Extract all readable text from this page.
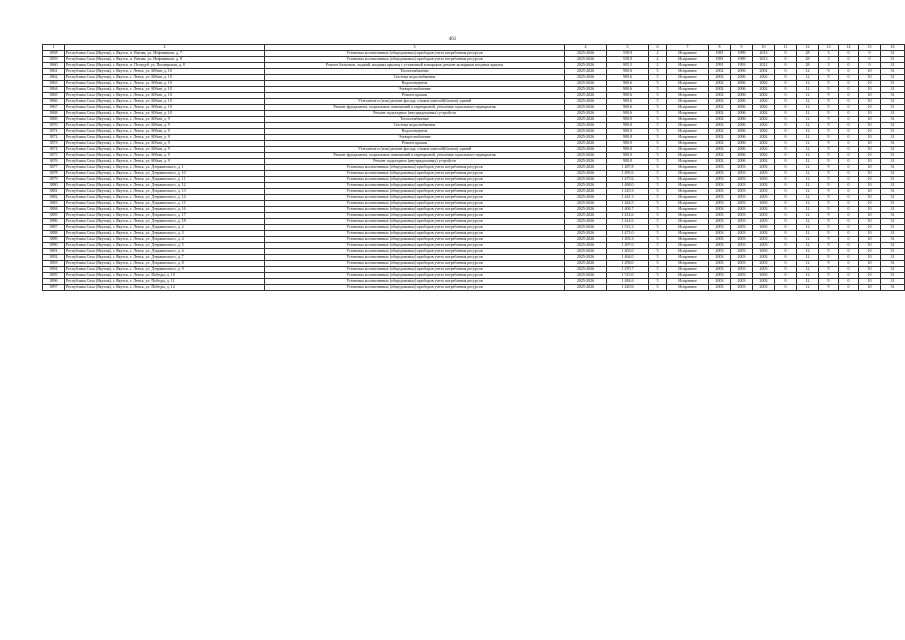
461
1	2	3	4	5	6	7	8	9	10	11	12	13	14	15	16
3858	Республика Саха (Якутия), г. Якутск, п. Витим, ул. Нефтяников, д. 7	Установка коллективных (общедомовых) приборов учета потребления ресурсов	2025-2026	558.9	2	Исправное	1981	1989	2013	0	28	3	0	0	31
3859	Республика Саха (Якутия), г. Якутск, п. Витим, ул. Нефтяников, д. 8	Установка коллективных (общедомовых) приборов учета потребления ресурсов	2025-2026	558.9	2	Исправное	1981	1989	2013	0	28	3	0	0	31
3860	Республика Саха (Якутия), г. Якутск, п. Пеледуй, ул. Пионерская, д. 8	Ремонт балконов, лоджий, входных крылец с установкой козырьков, ремонт козырьков входных крылец	2025-2026	905.5	2	Исправное	1991	1993	2012	0	28	3	0	0	31
3861	Республика Саха (Якутия), г. Якутск, г. Ленск, ул. Юбин, д. 10	Теплоснабжение	2025-2026	900.6	5	Исправное	2002	2006	2002	0	12	9	0	10	31
3862	Республика Саха (Якутия), г. Якутск, г. Ленск, ул. Юбин, д. 10	Система водоснабжения	2025-2026	900.6	5	Исправное	2002	2006	2002	0	12	9	0	10	31
3863	Республика Саха (Якутия), г. Якутск, г. Ленск, ул. Юбин, д. 10	Водоотведение	2025-2026	900.6	5	Исправное	2002	2006	2002	0	12	9	0	10	31
3864	Республика Саха (Якутия), г. Якутск, г. Ленск, ул. Юбин, д. 10	Электроснабжение	2025-2026	900.6	5	Исправное	2002	2006	2002	0	12	9	0	10	31
3865	Республика Саха (Якутия), г. Якутск, г. Ленск, ул. Юбин, д. 10	Ремонт крыши	2025-2026	900.6	5	Исправное	2002	2006	2002	0	12	9	0	10	31
3866	Республика Саха (Якутия), г. Якутск, г. Ленск, ул. Юбин, д. 10	Утепление и (или) ремонт фасада, стыков панелей(блоков) зданий	2025-2026	900.6	5	Исправное	2002	2006	2002	0	12	9	0	10	31
3867	Республика Саха (Якутия), г. Якутск, г. Ленск, ул. Юбин, д. 10	Ремонт фундамента, подвальных помещений и перекрытий, утепление цокольного перекрытия	2025-2026	900.6	5	Исправное	2002	2006	2002	0	12	9	0	10	31
3868	Республика Саха (Якутия), г. Якутск, г. Ленск, ул. Юбин, д. 10	Ремонт подъездных (внутридомовых) устройств	2025-2026	900.6	5	Исправное	2002	2006	2002	0	12	9	0	10	31
3869	Республика Саха (Якутия), г. Якутск, г. Ленск, ул. Юбин, д. 9	Теплоснабжение	2025-2026	900.0	5	Исправное	2002	2006	2002	0	12	9	0	10	31
3870	Республика Саха (Якутия), г. Якутск, г. Ленск, ул. Юбин, д. 9	Система водоснабжения	2025-2026	900.0	5	Исправное	2002	2006	2002	0	12	9	0	10	31
3871	Республика Саха (Якутия), г. Якутск, г. Ленск, ул. Юбин, д. 9	Водоотведение	2025-2026	900.0	5	Исправное	2002	2006	2002	0	12	9	0	10	31
3872	Республика Саха (Якутия), г. Якутск, г. Ленск, ул. Юбин, д. 9	Электроснабжение	2025-2026	900.0	5	Исправное	2002	2006	2002	0	12	9	0	10	31
3873	Республика Саха (Якутия), г. Якутск, г. Ленск, ул. Юбин, д. 9	Ремонт крыши	2025-2026	900.0	5	Исправное	2002	2006	2002	0	12	9	0	10	31
3874	Республика Саха (Якутия), г. Якутск, г. Ленск, ул. Юбин, д. 9	Утепление и (или) ремонт фасада, стыков панелей(блоков) зданий	2025-2026	900.0	5	Исправное	2002	2006	2002	0	12	9	0	10	31
3875	Республика Саха (Якутия), г. Якутск, г. Ленск, ул. Юбин, д. 9	Ремонт фундамента, подвальных помещений и перекрытий, утепление цокольного перекрытия	2025-2026	900.0	5	Исправное	2002	2006	2002	0	12	9	0	10	31
3876	Республика Саха (Якутия), г. Якутск, г. Ленск, ул. Юбин, д. 9	Ремонт подъездных (внутридомовых) устройств	2025-2026	900.0	5	Исправное	2002	2006	2002	0	12	9	0	10	31
3877	Республика Саха (Якутия), г. Якутск, г. Ленск, ул. Дзержинского, д. 1	Установка коллективных (общедомовых) приборов учета потребления ресурсов	2025-2026	1 487.8	5	Исправное	2003	2003	2003	0	12	9	0	10	31
3878	Республика Саха (Якутия), г. Якутск, г. Ленск, ул. Дзержинского, д. 10	Установка коллективных (общедомовых) приборов учета потребления ресурсов	2025-2026	1 495.6	5	Исправное	2003	2003	2003	0	12	9	0	10	31
3879	Республика Саха (Якутия), г. Якутск, г. Ленск, ул. Дзержинского, д. 11	Установка коллективных (общедомовых) приборов учета потребления ресурсов	2025-2026	1 475.6	5	Исправное	2003	2003	2003	0	12	9	0	10	31
3880	Республика Саха (Якутия), г. Якутск, г. Ленск, ул. Дзержинского, д. 12	Установка коллективных (общедомовых) приборов учета потребления ресурсов	2025-2026	1 468.0	5	Исправное	2003	2003	2003	0	12	9	0	10	31
3881	Республика Саха (Якутия), г. Якутск, г. Ленск, ул. Дзержинского, д. 13	Установка коллективных (общедомовых) приборов учета потребления ресурсов	2025-2026	1 410.3	5	Исправное	2003	2003	2003	0	12	9	0	10	31
3882	Республика Саха (Якутия), г. Якутск, г. Ленск, ул. Дзержинского, д. 14	Установка коллективных (общедомовых) приборов учета потребления ресурсов	2025-2026	1 441.3	5	Исправное	2003	2003	2003	0	12	9	0	10	31
3883	Республика Саха (Якутия), г. Якутск, г. Ленск, ул. Дзержинского, д. 15	Установка коллективных (общедомовых) приборов учета потребления ресурсов	2025-2026	1 444.5	5	Исправное	2003	2003	2003	0	12	9	0	10	31
3884	Республика Саха (Якутия), г. Якутск, г. Ленск, ул. Дзержинского, д. 16	Установка коллективных (общедомовых) приборов учета потребления ресурсов	2025-2026	1 406.7	5	Исправное	2003	2003	2003	0	12	9	0	10	31
3885	Республика Саха (Якутия), г. Якутск, г. Ленск, ул. Дзержинского, д. 17	Установка коллективных (общедомовых) приборов учета потребления ресурсов	2025-2026	1 414.6	5	Исправное	2003	2003	2003	0	12	9	0	10	31
3886	Республика Саха (Якутия), г. Якутск, г. Ленск, ул. Дзержинского, д. 18	Установка коллективных (общедомовых) приборов учета потребления ресурсов	2025-2026	1 414.6	5	Исправное	2003	2003	2003	0	12	9	0	10	31
3887	Республика Саха (Якутия), г. Якутск, г. Ленск, ул. Дзержинского, д. 2	Установка коллективных (общедомовых) приборов учета потребления ресурсов	2025-2026	1 513.3	5	Исправное	2003	2003	2003	0	12	9	0	10	31
3888	Республика Саха (Якутия), г. Якутск, г. Ленск, ул. Дзержинского, д. 3	Установка коллективных (общедомовых) приборов учета потребления ресурсов	2025-2026	1 471.0	5	Исправное	2003	2003	2003	0	12	9	0	10	31
3889	Республика Саха (Якутия), г. Якутск, г. Ленск, ул. Дзержинского, д. 4	Установка коллективных (общедомовых) приборов учета потребления ресурсов	2025-2026	1 493.3	5	Исправное	2003	2003	2003	0	12	9	0	10	31
3890	Республика Саха (Якутия), г. Якутск, г. Ленск, ул. Дзержинского, д. 5	Установка коллективных (общедомовых) приборов учета потребления ресурсов	2025-2026	1 497.0	5	Исправное	2003	2003	2003	0	12	9	0	10	31
3891	Республика Саха (Якутия), г. Якутск, г. Ленск, ул. Дзержинского, д. 6	Установка коллективных (общедомовых) приборов учета потребления ресурсов	2025-2026	1 403.0	5	Исправное	2003	2003	2003	0	12	9	0	10	31
3892	Республика Саха (Якутия), г. Якутск, г. Ленск, ул. Дзержинского, д. 7	Установка коллективных (общедомовых) приборов учета потребления ресурсов	2025-2026	1 464.0	5	Исправное	2003	2003	2003	0	12	9	0	10	31
3893	Республика Саха (Якутия), г. Якутск, г. Ленск, ул. Дзержинского, д. 8	Установка коллективных (общедомовых) приборов учета потребления ресурсов	2025-2026	1 458.0	5	Исправное	2003	2003	2003	0	12	9	0	10	31
3894	Республика Саха (Якутия), г. Якутск, г. Ленск, ул. Дзержинского, д. 9	Установка коллективных (общедомовых) приборов учета потребления ресурсов	2025-2026	1 470.7	5	Исправное	2003	2003	2003	0	12	9	0	10	31
3895	Республика Саха (Якутия), г. Якутск, г. Ленск, ул. Победы, д. 10	Установка коллективных (общедомовых) приборов учета потребления ресурсов	2025-2026	1 515.0	5	Исправное	2003	2003	2003	0	12	9	0	10	31
3896	Республика Саха (Якутия), г. Якутск, г. Ленск, ул. Победы, д. 11	Установка коллективных (общедомовых) приборов учета потребления ресурсов	2025-2026	1 484.6	5	Исправное	2003	2003	2003	0	12	9	0	10	31
3897	Республика Саха (Якутия), г. Якутск, г. Ленск, ул. Победы, д. 12	Установка коллективных (общедомовых) приборов учета потребления ресурсов	2025-2026	1 420.6	5	Исправное	2003	2003	2003	0	12	9	0	10	31
